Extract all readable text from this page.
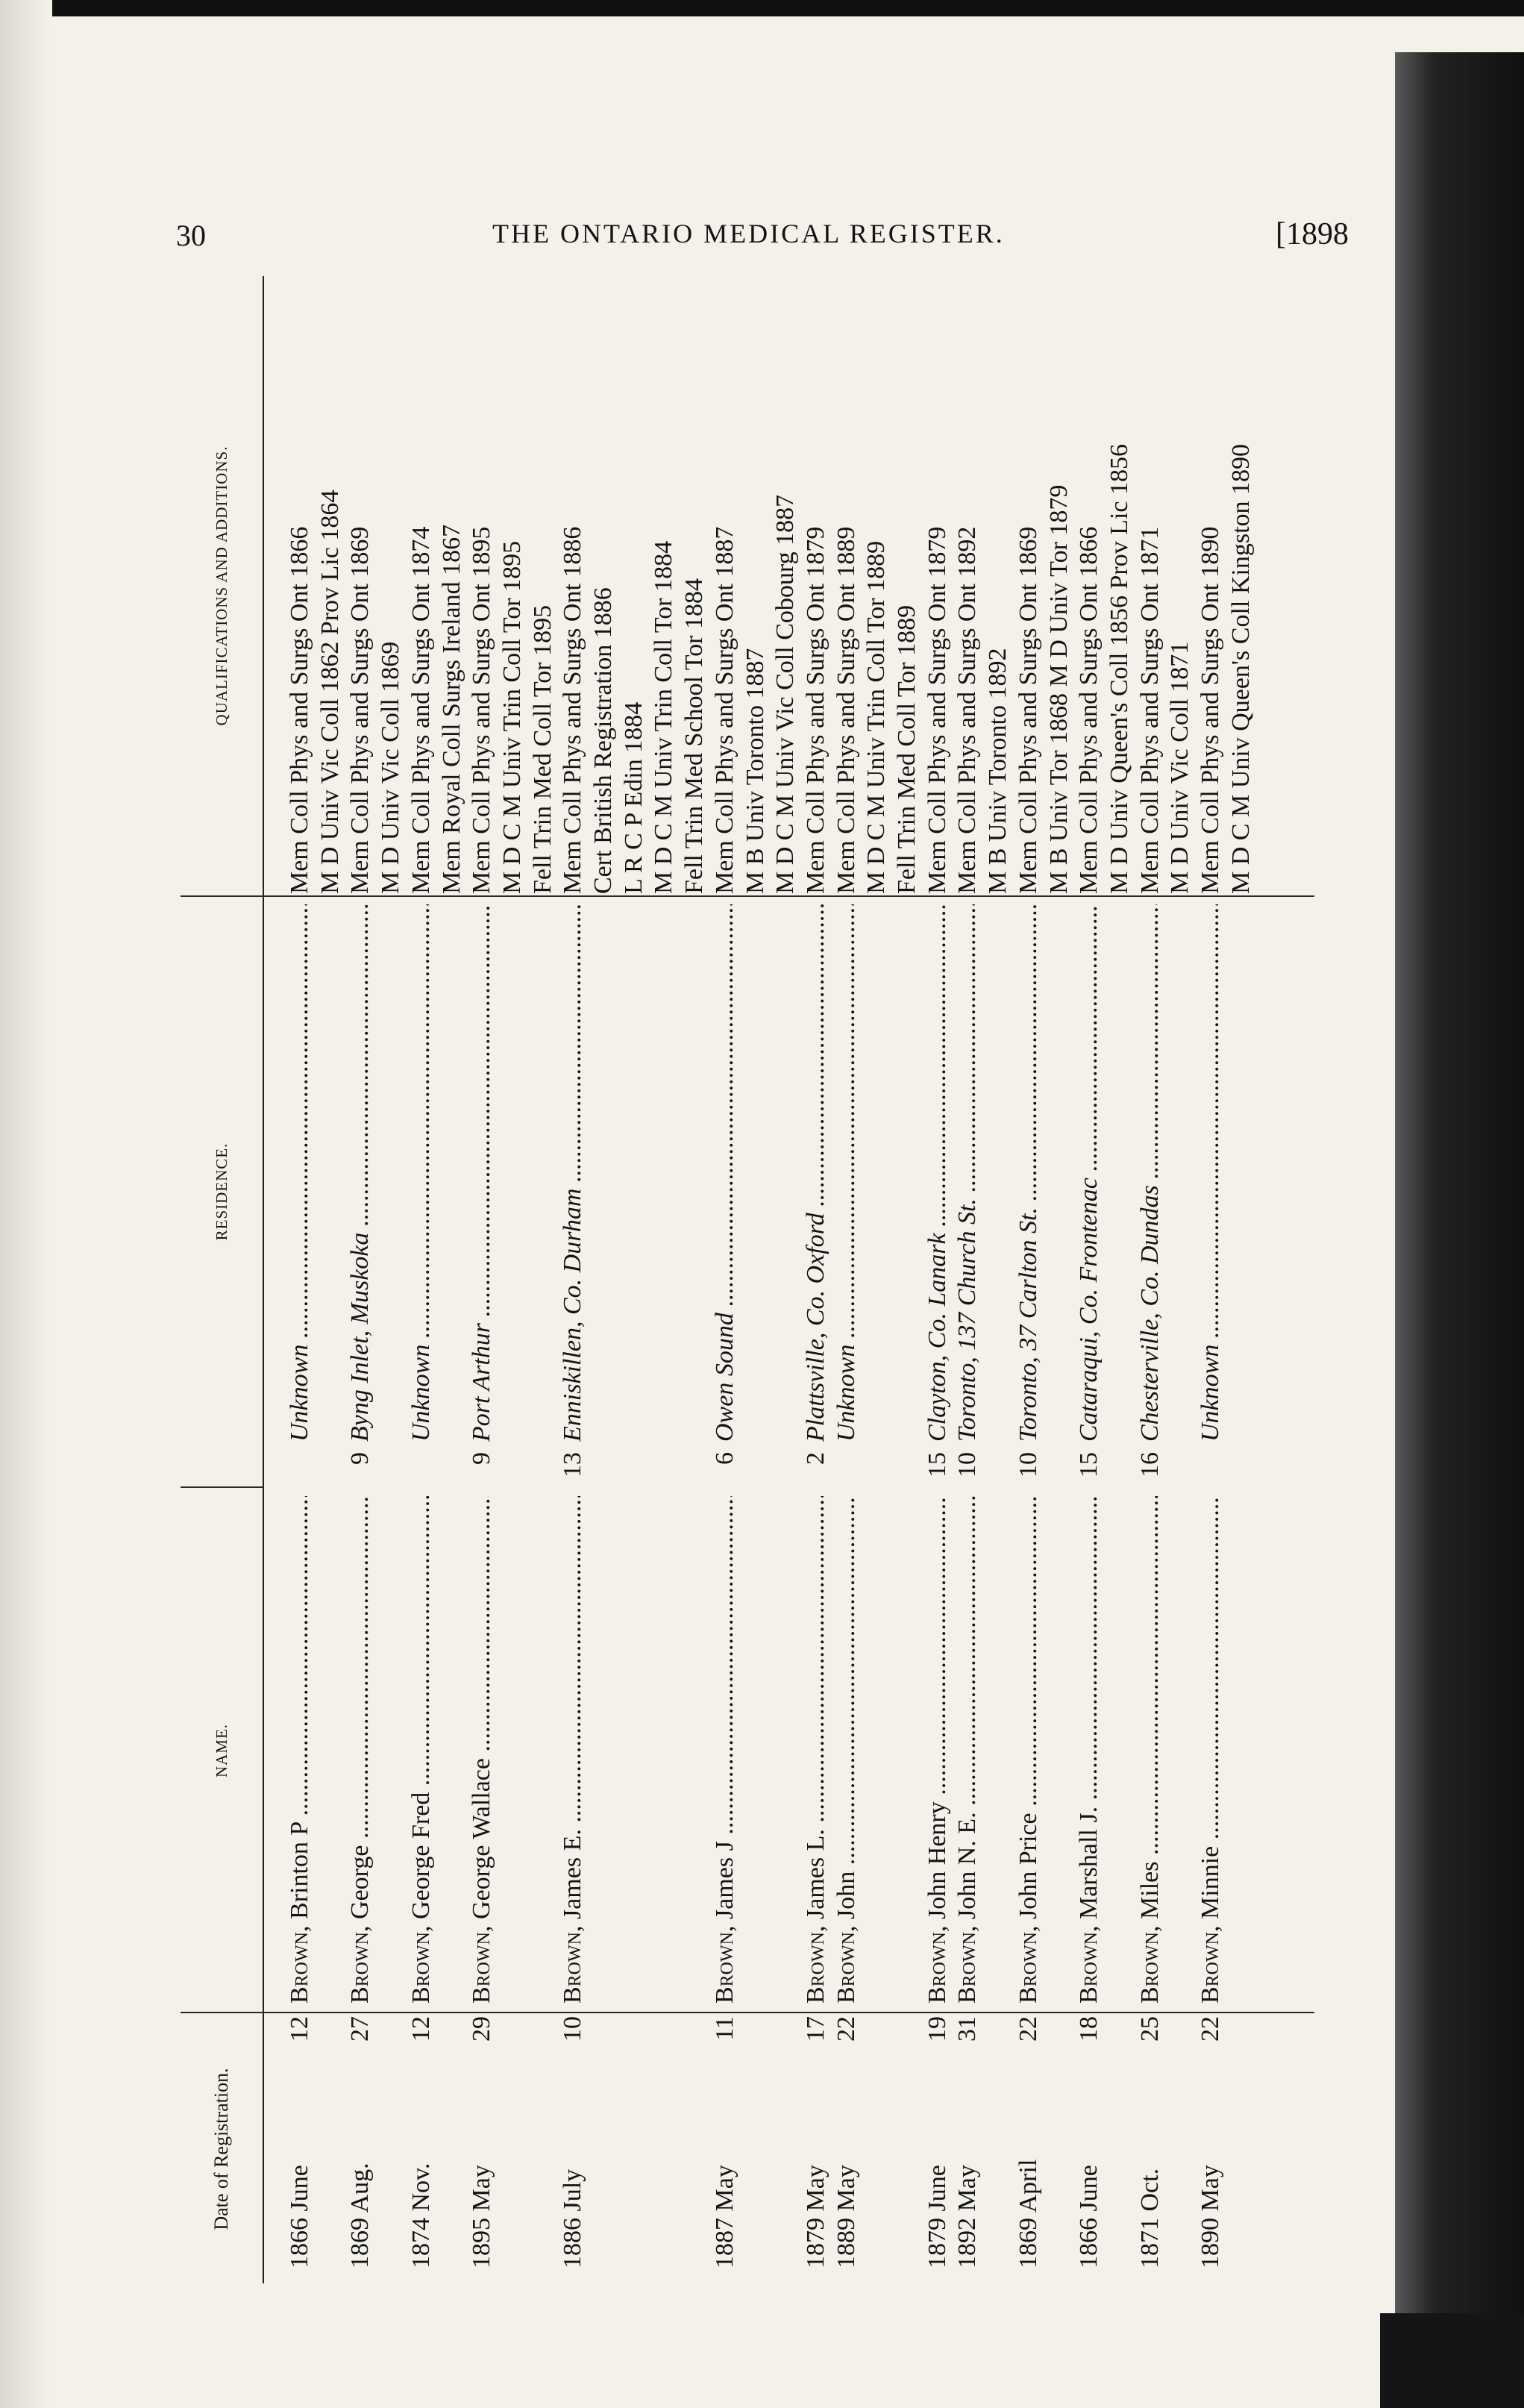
30	THE ONTARIO MEDICAL REGISTER.	[1898
Date of Registration.
NAME.
RESIDENCE.
QUALIFICATIONS AND ADDITIONS.
1866 June
12
Mem Coll Phys and Surgs Ont 1866
Brown, Brinton P .....
Unknown .....
M D Univ Vic Coll 1862 Prov Lic 1864
1869 Aug.
27
9
Mem Coll Phys and Surgs Ont 1869
Brown, George .....
Byng Inlet, Muskoka .....
M D Univ Vic Coll 1869
1874 Nov.
12
Mem Coll Phys and Surgs Ont 1874
Brown, George Fred .....
Unknown .....
Mem Royal Coll Surgs Ireland 1867
1895 May
29
9
Mem Coll Phys and Surgs Ont 1895
Brown, George Wallace .....
Port Arthur .....
M D C M Univ Trin Coll Tor 1895 Fell Trin Med Coll Tor 1895
1886 July
10
13
Mem Coll Phys and Surgs Ont 1886
Brown, James E. .....
Enniskillen, Co. Durham .....
Cert British Registration 1886 L R C P Edin 1884 M D C M Univ Trin Coll Tor 1884 Fell Trin Med School Tor 1884
1887 May
11
6
Mem Coll Phys and Surgs Ont 1887
Brown, James J .....
Owen Sound .....
M B Univ Toronto 1887 M D C M Univ Vic Coll Cobourg 1887
1879 May
17
2
Mem Coll Phys and Surgs Ont 1879
Brown, James L. .....
Plattsville, Co. Oxford .....
1889 May
22
Mem Coll Phys and Surgs Ont 1889
Brown, John .....
Unknown .....
M D C M Univ Trin Coll Tor 1889 Fell Trin Med Coll Tor 1889
1879 June
19
15
Mem Coll Phys and Surgs Ont 1879
Brown, John Henry .....
Clayton, Co. Lanark .....
1892 May
31
10
Mem Coll Phys and Surgs Ont 1892
Brown, John N. E. .....
Toronto, 137 Church St. .....
M B Univ Toronto 1892
1869 April
22
10
Mem Coll Phys and Surgs Ont 1869
Brown, John Price .....
Toronto, 37 Carlton St. .....
M B Univ Tor 1868 M D Univ Tor 1879
1866 June
18
15
Mem Coll Phys and Surgs Ont 1866
Brown, Marshall J. .....
Cataraqui, Co. Frontenac .....
M D Univ Queen's Coll 1856 Prov Lic 1856
1871 Oct.
25
16
Mem Coll Phys and Surgs Ont 1871
Brown, Miles .....
Chesterville, Co. Dundas .....
M D Univ Vic Coll 1871
1890 May
22
Mem Coll Phys and Surgs Ont 1890
Brown, Minnie .....
Unknown .....
M D C M Univ Queen's Coll Kingston 1890
